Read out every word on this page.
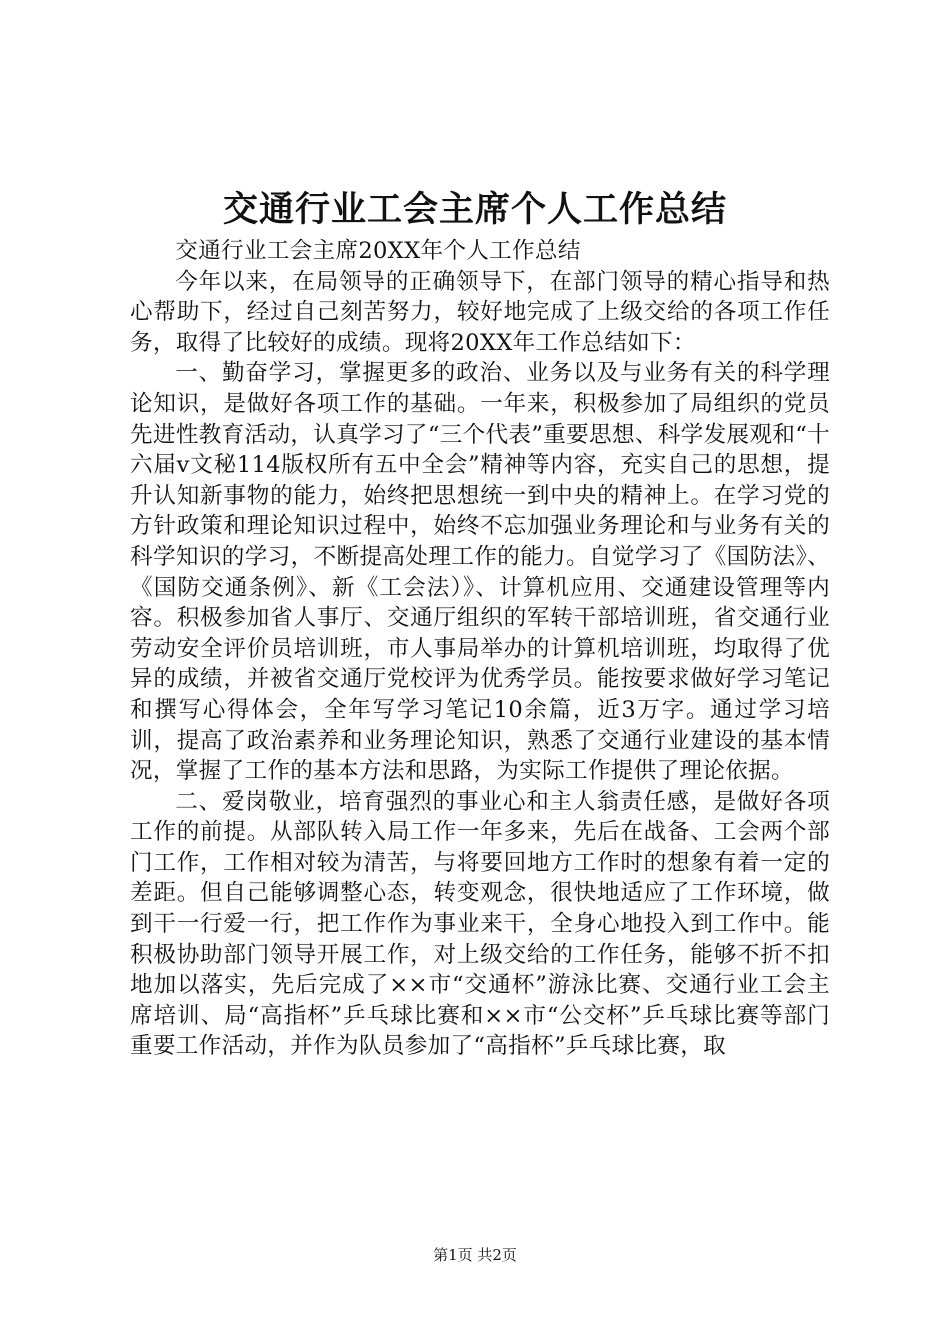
交通行业工会主席个人工作总结

交通行业工会主席20XX年个人工作总结

今年以来，在局领导的正确领导下，在部门领导的精心指导和热心帮助下，经过自己刻苦努力，较好地完成了上级交给的各项工作任务，取得了比较好的成绩。现将20XX年工作总结如下：

一、勤奋学习，掌握更多的政治、业务以及与业务有关的科学理论知识，是做好各项工作的基础。一年来，积极参加了局组织的党员先进性教育活动，认真学习了“三个代表”重要思想、科学发展观和“十六届v文秘114版权所有五中全会”精神等内容，充实自己的思想，提升认知新事物的能力，始终把思想统一到中央的精神上。在学习党的方针政策和理论知识过程中，始终不忘加强业务理论和与业务有关的科学知识的学习，不断提高处理工作的能力。自觉学习了《国防法》、《国防交通条例》、新《工会法）》、计算机应用、交通建设管理等内容。积极参加省人事厅、交通厅组织的军转干部培训班，省交通行业劳动安全评价员培训班，市人事局举办的计算机培训班，均取得了优异的成绩，并被省交通厅党校评为优秀学员。能按要求做好学习笔记和撰写心得体会，全年写学习笔记10余篇，近3万字。通过学习培训，提高了政治素养和业务理论知识，熟悉了交通行业建设的基本情况，掌握了工作的基本方法和思路，为实际工作提供了理论依据。

二、爱岗敬业，培育强烈的事业心和主人翁责任感，是做好各项工作的前提。从部队转入局工作一年多来，先后在战备、工会两个部门工作，工作相对较为清苦，与将要回地方工作时的想象有着一定的差距。但自己能够调整心态，转变观念，很快地适应了工作环境，做到干一行爱一行，把工作作为事业来干，全身心地投入到工作中。能积极协助部门领导开展工作，对上级交给的工作任务，能够不折不扣地加以落实，先后完成了××市“交通杯”游泳比赛、交通行业工会主席培训、局“高指杯”乒乓球比赛和××市“公交杯”乒乓球比赛等部门重要工作活动，并作为队员参加了“高指杯”乒乓球比赛，取

第1页 共2页
